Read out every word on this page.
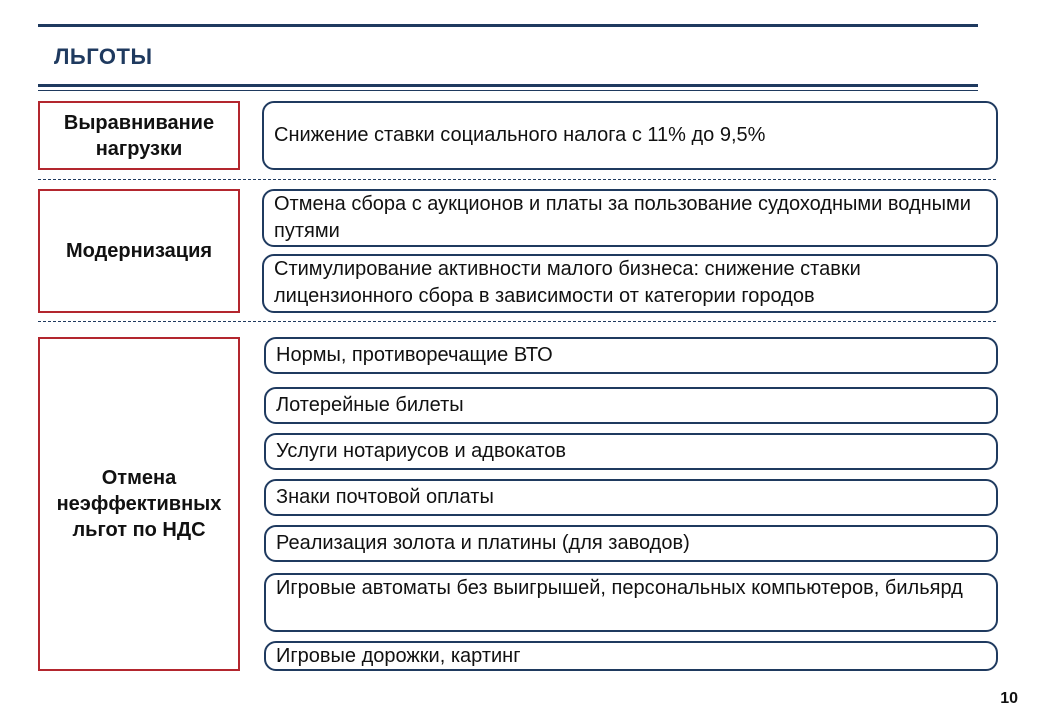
ЛЬГОТЫ
Выравнивание нагрузки
Снижение ставки социального налога с 11% до 9,5%
Модернизация
Отмена сбора с аукционов и платы за пользование судоходными водными путями
Стимулирование активности малого бизнеса: снижение ставки лицензионного сбора в зависимости от категории городов
Отмена неэффективных льгот по НДС
Нормы, противоречащие ВТО
Лотерейные билеты
Услуги нотариусов и адвокатов
Знаки почтовой оплаты
Реализация золота и платины (для заводов)
Игровые автоматы без выигрышей, персональных компьютеров, бильярд
Игровые дорожки, картинг
10
